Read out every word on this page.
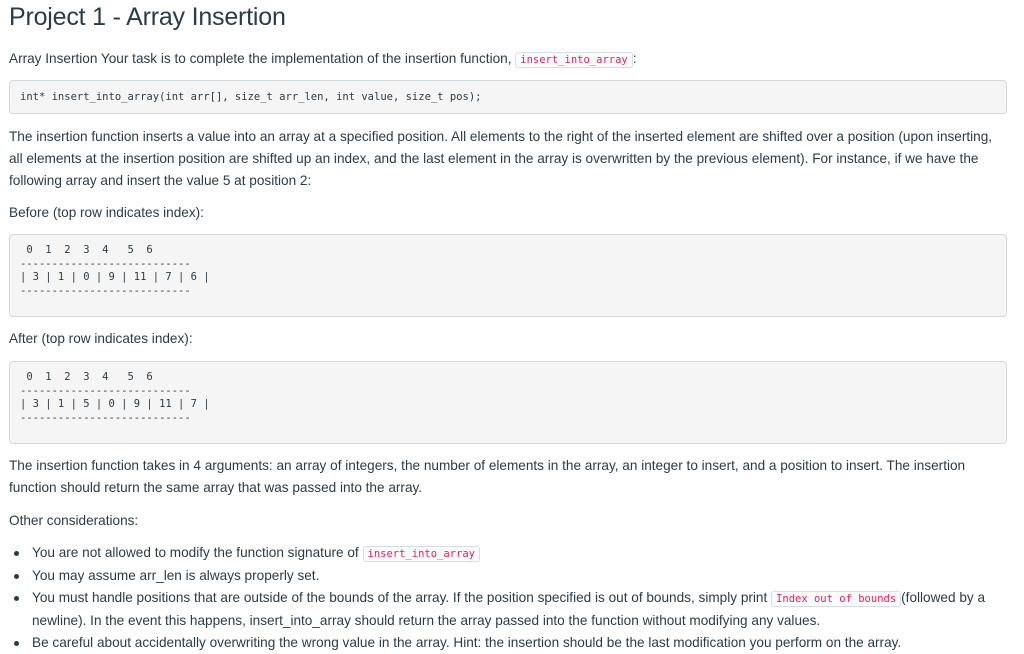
Project 1 - Array Insertion

Array Insertion Your task is to complete the implementation of the insertion function, insert_into_array :

int* insert_into_array(int arr[], size_t arr_len, int value, size_t pos);

The insertion function inserts a value into an array at a specified position. All elements to the right of the inserted element are shifted over a position (upon inserting, all elements at the insertion position are shifted up an index, and the last element in the array is overwritten by the previous element). For instance, if we have the following array and insert the value 5 at position 2:

Before (top row indicates index):

0  1  2  3  4   5  6
---------------------------
| 3 | 1 | 0 | 9 | 11 | 7 | 6 |
---------------------------

After (top row indicates index):

0  1  2  3  4   5  6
---------------------------
| 3 | 1 | 5 | 0 | 9 | 11 | 7 |
---------------------------

The insertion function takes in 4 arguments: an array of integers, the number of elements in the array, an integer to insert, and a position to insert. The insertion function should return the same array that was passed into the array.

Other considerations:

You are not allowed to modify the function signature of insert_into_array
You may assume arr_len is always properly set.
You must handle positions that are outside of the bounds of the array. If the position specified is out of bounds, simply print Index out of bounds (followed by a newline). In the event this happens, insert_into_array should return the array passed into the function without modifying any values.
Be careful about accidentally overwriting the wrong value in the array. Hint: the insertion should be the last modification you perform on the array.
